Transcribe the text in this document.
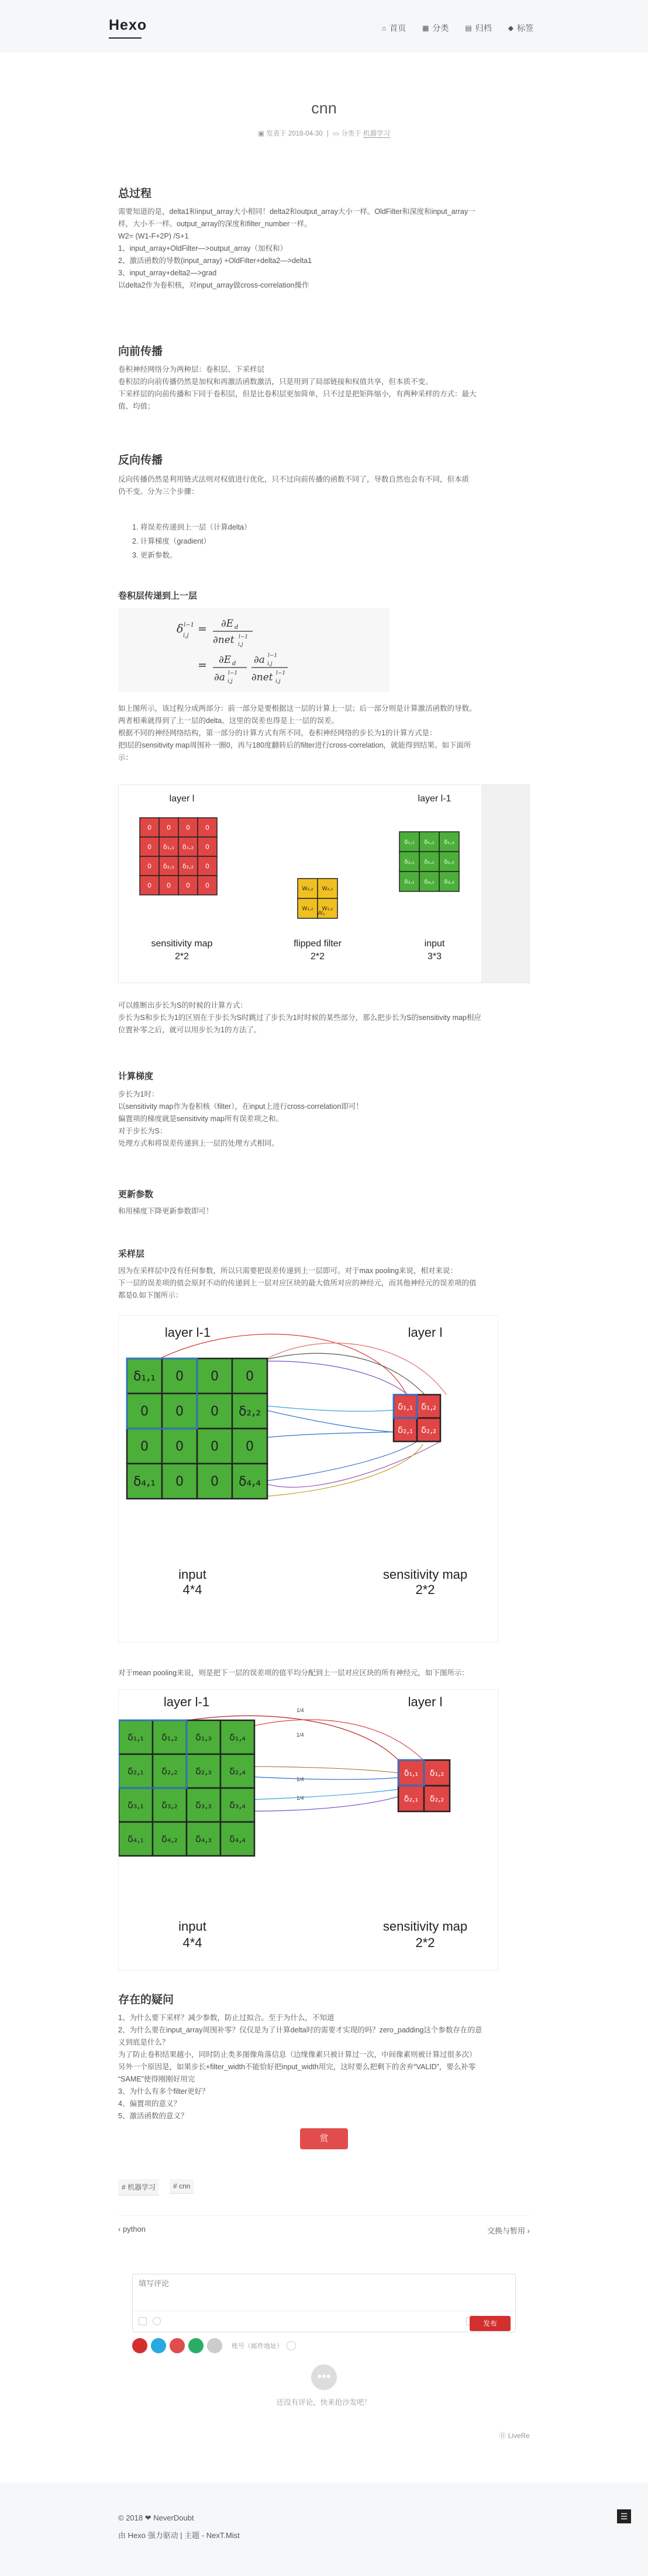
Hexo	⌂ 首页 ▦ 分类 ▤ 归档 ◆ 标签
cnn
▣ 发表于 2018-04-30 | ▭ 分类于 机器学习
总过程
需要知道的是，delta1和input_array大小相同！delta2和output_array大小一样。OldFilter和深度和input_array一
样，大小不一样。output_array的深度和filter_number一样。
W2= (W1-F+2P) /S+1
1、input_array+OldFilter—>output_array（加权和）
2、激活函数的导数(input_array) +OldFilter+delta2—>delta1
3、input_array+delta2—>grad
以delta2作为卷积核，对input_array做cross-correlation操作
向前传播
卷积神经网络分为两种层：卷积层、下采样层
卷积层的向前传播仍然是加权和再激活函数激活，只是用到了局部链接和权值共享，但本质不变。
下采样层的向前传播和下同于卷积层，但是比卷积层更加简单，只不过是把矩阵缩小，有两种采样的方式：最大
值、均值；
反向传播
反向传播仍然是利用链式法则对权值进行优化，只不过向前传播的函数不同了，导数自然也会有不同，但本质
仍不变。分为三个步骤：
1. 将误差传递到上一层（计算delta）
2. 计算梯度（gradient）
3. 更新参数。
卷积层传递到上一层
δ l−1
i,j
= ∂E d
∂net l−1
i,j
= ∂E d
∂a l−1
i,j
∂a l−1
i,j
∂net l−1
i,j
如上图所示，该过程分成两部分：前一部分是要根据这一层的计算上一层；后一部分则是计算激活函数的导数。
两者相乘就得到了上一层的delta。这里的误差也得是上一层的误差。
根据不同的神经网络结构，第一部分的计算方式有所不同，卷积神经网络的步长为1的计算方式是：
把l层的sensitivity map周围补一圈0，再与180度翻转后的filter进行cross-correlation，就能得到结果。如下面所
示：
layer l	layer l-1
0 0 0 0
0 δ₁,₁ δ₁,₂ 0
0 δ₂,₁ δ₂,₂ 0
0 0 0 0	W₂,₂ W₂,₁
W₁,₂ W₁,₁
δ₁,₁ δ₁,₂ δ₁,₃
δ₂,₁ δ₂,₂ δ₂,₃
δ₃,₁ δ₃,₂ δ₃,₃
W₀
sensitivity map
2*2
flipped filter
2*2
input
3*3
可以推断出步长为S的时候的计算方式：
步长为S和步长为1的区别在于步长为S时跳过了步长为1时时候的某些部分，那么把步长为S的sensitivity map相应
位置补零之后，就可以用步长为1的方法了。
计算梯度
步长为1时：
以sensitivity map作为卷积核（filter），在input上进行cross-correlation即可！
偏置项的梯度就是sensitivity map所有误差项之和。
对于步长为S：
处理方式和将误差传递到上一层的处理方式相同。
更新参数
和用梯度下降更新参数即可！
采样层
因为在采样层中没有任何参数，所以只需要把误差传递到上一层即可。对于max pooling来说，相对来说：
下一层的误差项的值会原封不动的传递到上一层对应区块的最大值所对应的神经元，而其他神经元的误差项的值
都是0.如下图所示：
layer l-1	layer l
δ₁,₁ 0 0 0
0 0 0 δ₂,₂
0 0 0 0
δ₄,₁ 0 0 δ₄,₄
δ₁,₁ δ₁,₂
δ₂,₁ δ₂,₂
input
4*4
sensitivity map
2*2
对于mean pooling来说，则是把下一层的误差项的值平均分配到上一层对应区块的所有神经元，如下图所示：
layer l-1	layer l
1/4
1/4
1/4
1/4
δ₁,₁ δ₁,₂ δ₁,₃ δ₁,₄
δ₂,₁ δ₂,₂ δ₂,₃ δ₂,₄
δ₃,₁ δ₃,₂ δ₃,₃ δ₃,₄
δ₄,₁ δ₄,₂ δ₄,₃ δ₄,₄
δ₁,₁ δ₁,₂
δ₂,₁ δ₂,₂
input
4*4
sensitivity map
2*2
存在的疑问
1、为什么要下采样？减少参数，防止过拟合。至于为什么，不知道
2、为什么要在input_array周围补零？仅仅是为了计算delta时的需要才实现的吗？zero_padding这个参数存在的意
义到底是什么？
为了防止卷积结果越小，同时防止类多图像角落信息（边缘像素只被计算过一次，中间像素则被计算过很多次）
另外一个原因是，如果步长+filter_width不能恰好把input_width用完，这时要么把剩下的舍弃“VALID”，要么补零
“SAME”使得刚刚好用完
3、为什么有多个filter更好？
4、偏置项的意义？
5、激活函数的意义？
赏
# 机器学习	# cnn
‹ python	交换与暂用 ›
填写评论
发布
账号（邮件地址）
•••
还没有评论，快来抢沙发吧！
⓪ LiveRe
© 2018 ❤ NeverDoubt
由 Hexo 强力驱动 | 主题 - NexT.Mist
☰
